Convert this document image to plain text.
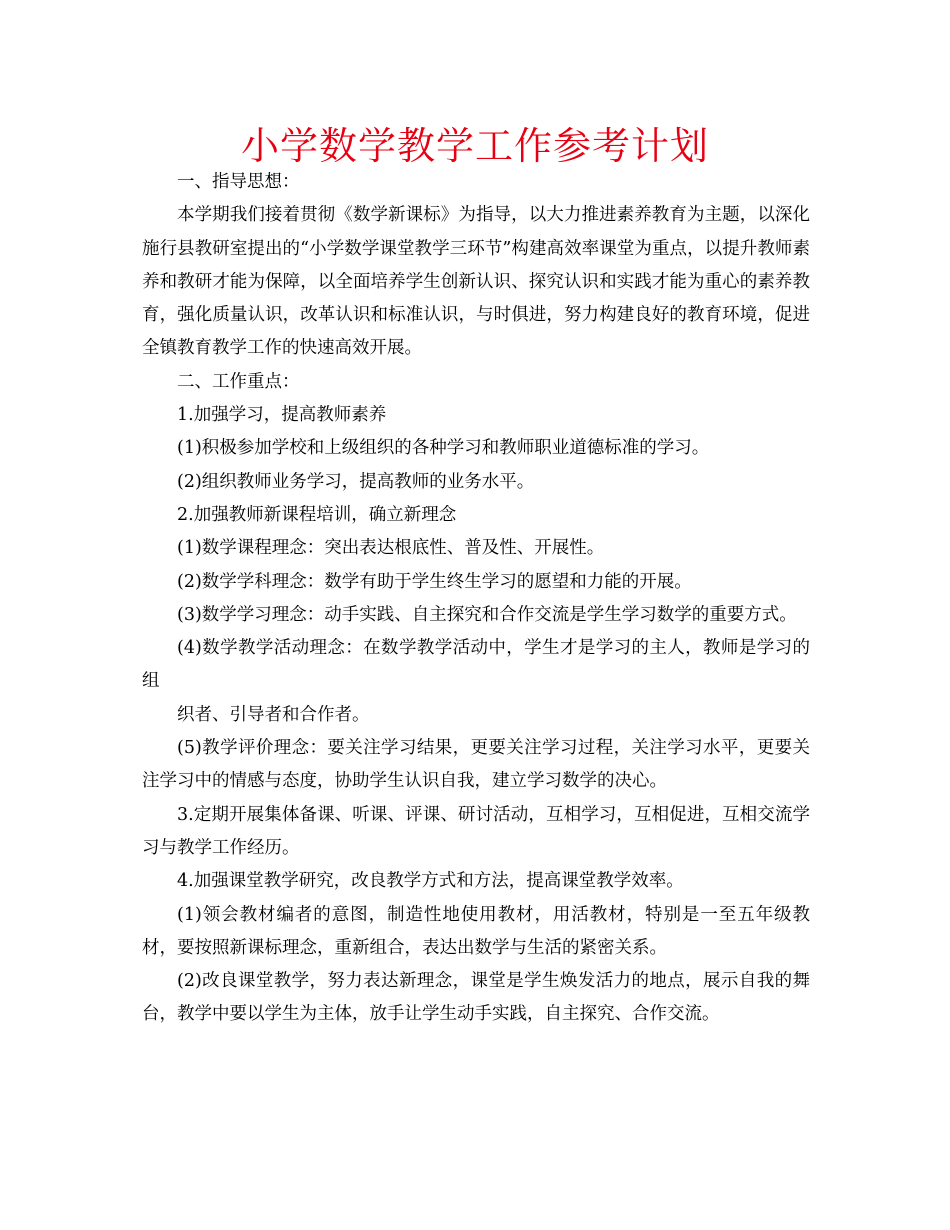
小学数学教学工作参考计划

一、指导思想：

本学期我们接着贯彻《数学新课标》为指导，以大力推进素养教育为主题，以深化施行县教研室提出的“小学数学课堂教学三环节”构建高效率课堂为重点，以提升教师素养和教研才能为保障，以全面培养学生创新认识、探究认识和实践才能为重心的素养教育，强化质量认识，改革认识和标准认识，与时俱进，努力构建良好的教育环境，促进全镇教育教学工作的快速高效开展。

二、工作重点：

1.加强学习，提高教师素养

(1)积极参加学校和上级组织的各种学习和教师职业道德标准的学习。

(2)组织教师业务学习，提高教师的业务水平。

2.加强教师新课程培训，确立新理念

(1)数学课程理念：突出表达根底性、普及性、开展性。

(2)数学学科理念：数学有助于学生终生学习的愿望和力能的开展。

(3)数学学习理念：动手实践、自主探究和合作交流是学生学习数学的重要方式。

(4)数学教学活动理念：在数学教学活动中，学生才是学习的主人，教师是学习的组

织者、引导者和合作者。

(5)教学评价理念：要关注学习结果，更要关注学习过程，关注学习水平，更要关注学习中的情感与态度，协助学生认识自我，建立学习数学的决心。

3.定期开展集体备课、听课、评课、研讨活动，互相学习，互相促进，互相交流学习与教学工作经历。

4.加强课堂教学研究，改良教学方式和方法，提高课堂教学效率。

(1)领会教材编者的意图，制造性地使用教材，用活教材，特别是一至五年级教材，要按照新课标理念，重新组合，表达出数学与生活的紧密关系。

(2)改良课堂教学，努力表达新理念，课堂是学生焕发活力的地点，展示自我的舞台，教学中要以学生为主体，放手让学生动手实践，自主探究、合作交流。
